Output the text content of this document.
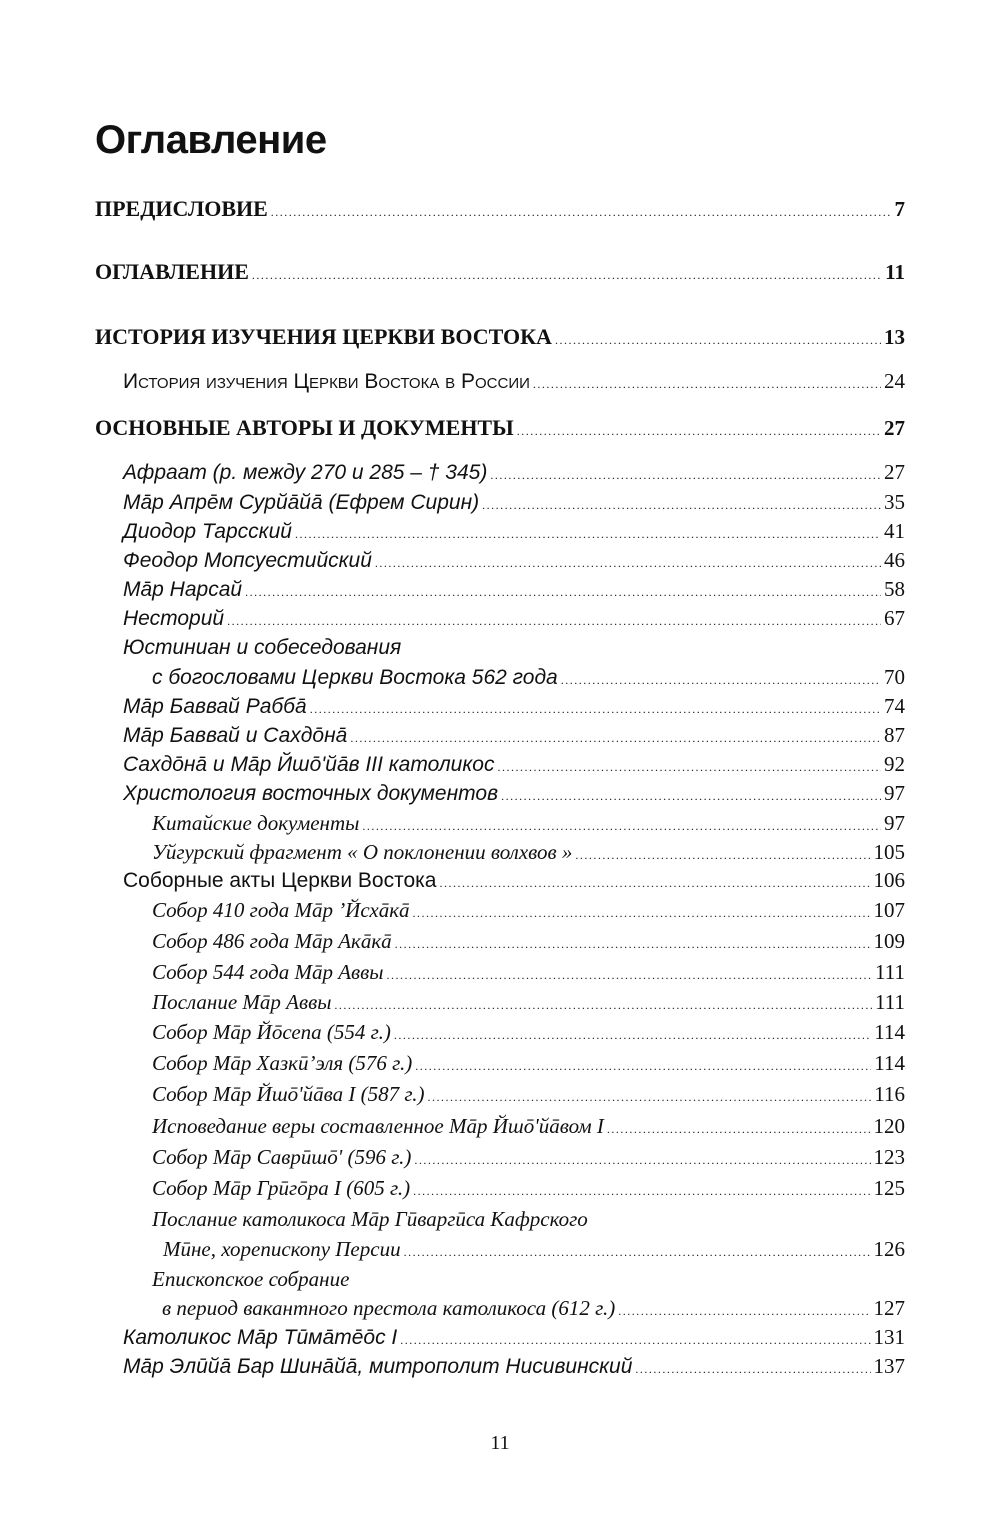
Оглавление
ПРЕДИСЛОВИЕ .....	7
ОГЛАВЛЕНИЕ .....	11
ИСТОРИЯ ИЗУЧЕНИЯ ЦЕРКВИ ВОСТОКА .....	13
История изучения Церкви Востока в России .....	24
ОСНОВНЫЕ АВТОРЫ И ДОКУМЕНТЫ .....	27
Афраат (р. между 270 и 285 – † 345) .....	27
Мāр Апрēм Сурйāйā (Ефрем Сирин) .....	35
Диодор Тарсский .....	41
Феодор Мопсуестийский .....	46
Мāр Нарсай .....	58
Несторий .....	67
Юстиниан и собеседования
с богословами Церкви Востока 562 года .....	70
Мāр Баввай Раббā .....	74
Мāр Баввай и Сахдōнā .....	87
Сахдōнā и Мāр Йшō'йāв III католикос .....	92
Христология восточных документов .....	97
Китайские документы .....	97
Уйгурский фрагмент « О поклонении волхвов » .....	105
Соборные акты Церкви Востока .....	106
Собор 410 года Мāр ’Йсхāкā .....	107
Собор 486 года Мāр Акāкā .....	109
Собор 544 года Мāр Аввы .....	111
Послание Мāр Аввы .....	111
Собор Мāр Йōсепа (554 г.) .....	114
Собор Мāр Хазкӣ’эля (576 г.) .....	114
Собор Мāр Йшō'йāва I (587 г.) .....	116
Исповедание веры составленное Мāр Йшō'йāвом I .....	120
Собор Мāр Саврӣшō' (596 г.) .....	123
Собор Мāр Грӣгōра I (605 г.) .....	125
Послание католикоса Мāр Гӣваргӣса Кафрского
Мӣне, хорепископу Персии .....	126
Епископское собрание
в период вакантного престола католикоса (612 г.) .....	127
Католикос Мāр Тӣмāтēōс I .....	131
Мāр Элӣйā Бар Шинāйā, митрополит Нисивинский .....	137
11
